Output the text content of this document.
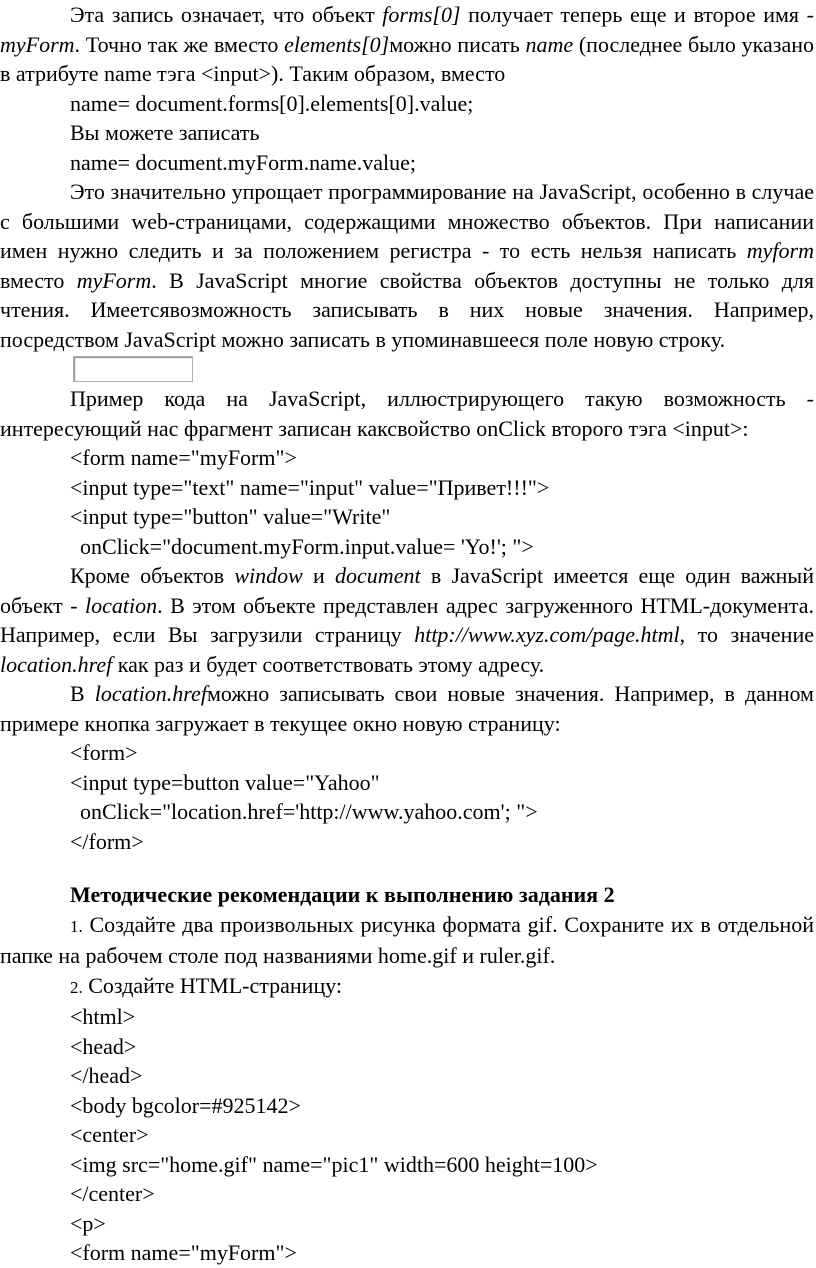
Эта запись означает, что объект forms[0] получает теперь еще и второе имя - myForm. Точно так же вместо elements[0]можно писать name (последнее было указано в атрибуте name тэга <input>). Таким образом, вместо

name= document.forms[0].elements[0].value;

Вы можете записать

name= document.myForm.name.value;

Это значительно упрощает программирование на JavaScript, особенно в случае с большими web-страницами, содержащими множество объектов. При написании имен нужно следить и за положением регистра - то есть нельзя написать myform вместо myForm. В JavaScript многие свойства объектов доступны не только для чтения. Имеетсявозможность записывать в них новые значения. Например, посредством JavaScript можно записать в упоминавшееся поле новую строку.

Пример кода на JavaScript, иллюстрирующего такую возможность - интересующий нас фрагмент записан каксвойство onClick второго тэга <input>:

<form name="myForm">

<input type="text" name="input" value="Привет!!!">

<input type="button" value="Write"

onClick="document.myForm.input.value= 'Yo!'; ">

Кроме объектов window и document в JavaScript имеется еще один важный объект - location. В этом объекте представлен адрес загруженного HTML-документа. Например, если Вы загрузили страницу http://www.xyz.com/page.html, то значение location.href как раз и будет соответствовать этому адресу.

В location.hrefможно записывать свои новые значения. Например, в данном примере кнопка загружает в текущее окно новую страницу:

<form>

<input type=button value="Yahoo"

onClick="location.href='http://www.yahoo.com'; ">

</form>

Методические рекомендации к выполнению задания 2

1. Создайте два произвольных рисунка формата gif. Сохраните их в отдельной папке на рабочем столе под названиями home.gif и ruler.gif.

2. Создайте HTML-страницу:

<html>

<head>

</head>

<body bgcolor=#925142>

<center>

<img src="home.gif" name="pic1" width=600 height=100>

</center>

<p>

<form name="myForm">
